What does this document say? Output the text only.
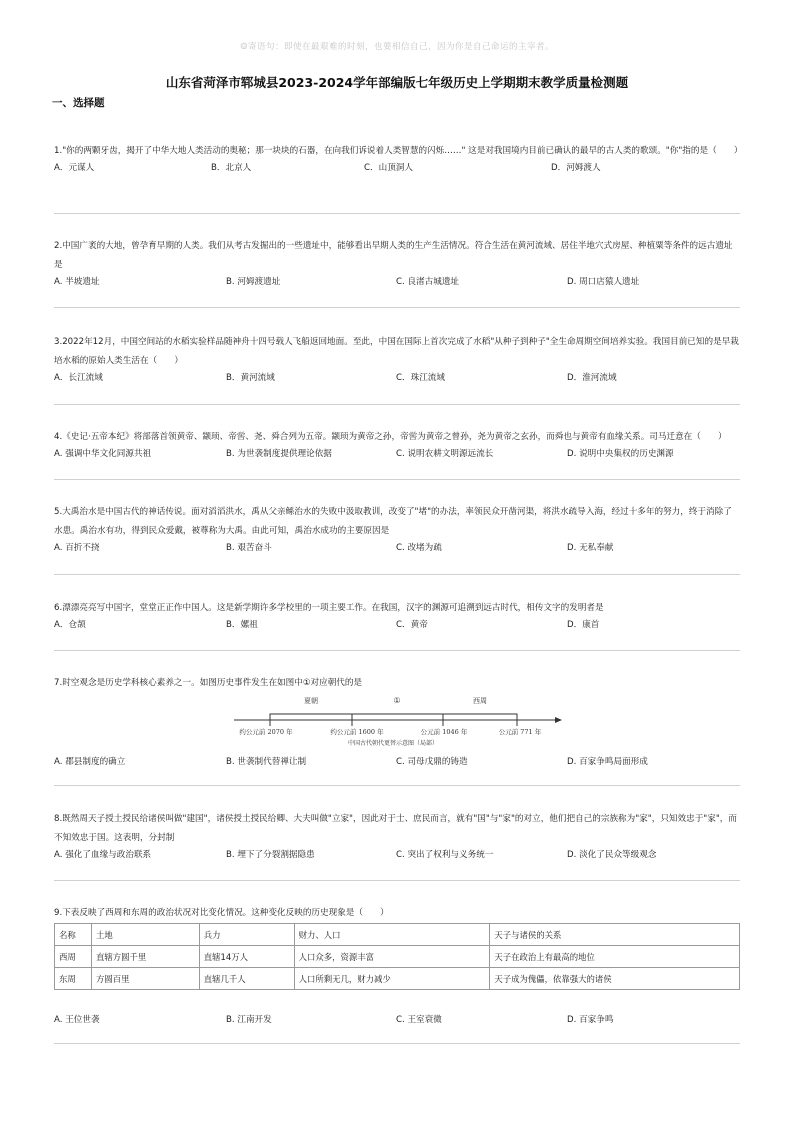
☺寄语句：即使在最艰难的时刻，也要相信自己，因为你是自己命运的主宰者。
山东省菏泽市郓城县2023-2024学年部编版七年级历史上学期期末教学质量检测题
一、选择题
1."你的两颗牙齿，揭开了中华大地人类活动的奥秘；那一块块的石器，在向我们诉说着人类智慧的闪烁……" 这是对我国境内目前已确认的最早的古人类的歌颂。"你"指的是（　　）
A．元谋人	B．北京人	C．山顶洞人	D．河姆渡人
2.中国广袤的大地，曾孕育早期的人类。我们从考古发掘出的一些遗址中，能够看出早期人类的生产生活情况。符合生活在黄河流域、居住半地穴式房屋、种植粟等条件的远古遗址是
A. 半坡遗址	B. 河姆渡遗址	C. 良渚古城遗址	D. 周口店猿人遗址
3.2022年12月，中国空间站的水稻实验样品随神舟十四号载人飞船返回地面。至此，中国在国际上首次完成了水稻"从种子到种子"全生命周期空间培养实验。我国目前已知的是早栽培水稻的原始人类生活在（　　）
A．长江流域	B．黄河流域	C．珠江流域	D．淮河流域
4.《史记·五帝本纪》将部落首领黄帝、颛顼、帝喾、尧、舜合列为五帝。颛顼为黄帝之孙，帝喾为黄帝之曾孙，尧为黄帝之玄孙，而舜也与黄帝有血缘关系。司马迁意在（　　）
A. 强调中华文化同源共祖	B. 为世袭制度提供理论依据	C. 说明农耕文明源远流长	D. 说明中央集权的历史渊源
5.大禹治水是中国古代的神话传说。面对滔滔洪水，禹从父亲鲧治水的失败中汲取教训，改变了"堵"的办法，率领民众开凿河渠，将洪水疏导入海，经过十多年的努力，终于消除了水患。禹治水有功，得到民众爱戴，被尊称为大禹。由此可知，禹治水成功的主要原因是
A. 百折不挠	B. 艰苦奋斗	C. 改堵为疏	D. 无私奉献
6.漂漂亮亮写中国字，堂堂正正作中国人。这是新学期许多学校里的一项主要工作。在我国，汉字的渊源可追溯到远古时代，相传文字的发明者是
A．仓颉	B．嫘祖	C．黄帝	D．康首
7.时空观念是历史学科核心素养之一。如图历史事件发生在如图中①对应朝代的是
A. 郡县制度的确立	B. 世袭制代替禅让制	C. 司母戊鼎的铸造	D. 百家争鸣局面形成
夏朝	①	西周
约公元前 2070 年	约公元前 1600 年	公元前 1046 年	公元前 771 年
中国古代朝代更替示意图（局部）
8.既然周天子授土授民给诸侯叫做"建国"，诸侯授土授民给卿、大夫叫做"立家"，因此对于士、庶民而言，就有"国"与"家"的对立，他们把自己的宗族称为"家"，只知效忠于"家"，而不知效忠于国。这表明，分封制
A. 强化了血缘与政治联系	B. 埋下了分裂割据隐患	C. 突出了权利与义务统一	D. 淡化了民众等级观念
9.下表反映了西周和东周的政治状况对比变化情况。这种变化反映的历史现象是（　　）
A. 王位世袭	B. 江南开发	C. 王室衰微	D. 百家争鸣
名称	土地	兵力	财力、人口	天子与诸侯的关系
西周	直辖方圆千里	直辖14万人	人口众多，资源丰富	天子在政治上有最高的地位
东周	方圆百里	直辖几千人	人口所剩无几，财力减少	天子成为傀儡，依靠强大的诸侯
